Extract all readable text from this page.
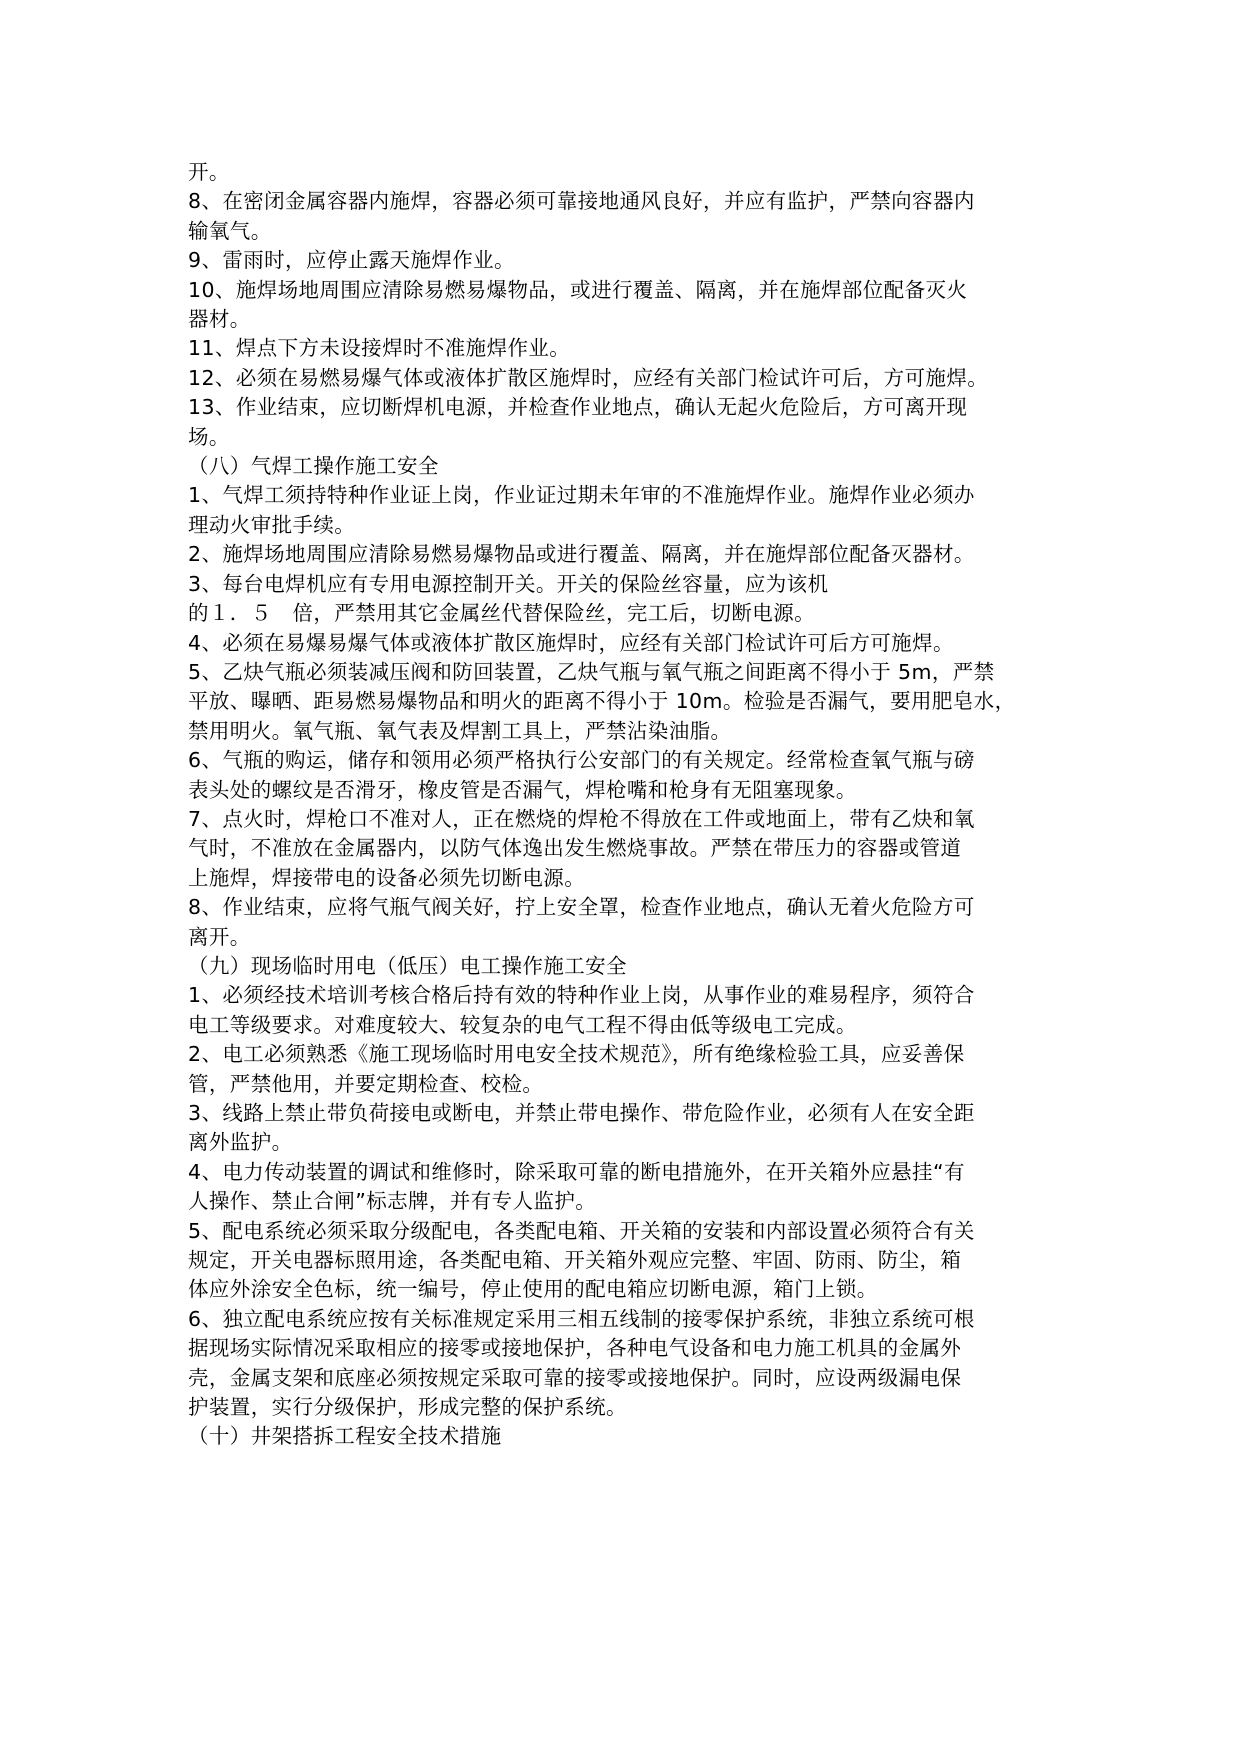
开。
8、在密闭金属容器内施焊，容器必须可靠接地通风良好，并应有监护，严禁向容器内
输氧气。
9、雷雨时，应停止露天施焊作业。
10、施焊场地周围应清除易燃易爆物品，或进行覆盖、隔离，并在施焊部位配备灭火
器材。
11、焊点下方未设接焊时不准施焊作业。
12、必须在易燃易爆气体或液体扩散区施焊时，应经有关部门检试许可后，方可施焊。
13、作业结束，应切断焊机电源，并检查作业地点，确认无起火危险后，方可离开现
场。
（八）气焊工操作施工安全
1、气焊工须持特种作业证上岗，作业证过期未年审的不准施焊作业。施焊作业必须办
理动火审批手续。
2、施焊场地周围应清除易燃易爆物品或进行覆盖、隔离，并在施焊部位配备灭器材。
3、每台电焊机应有专用电源控制开关。开关的保险丝容量，应为该机
的１．５　倍，严禁用其它金属丝代替保险丝，完工后，切断电源。
4、必须在易爆易爆气体或液体扩散区施焊时，应经有关部门检试许可后方可施焊。
5、乙炔气瓶必须装减压阀和防回装置，乙炔气瓶与氧气瓶之间距离不得小于 5m，严禁
平放、曝晒、距易燃易爆物品和明火的距离不得小于 10m。检验是否漏气，要用肥皂水，
禁用明火。氧气瓶、氧气表及焊割工具上，严禁沾染油脂。
6、气瓶的购运，储存和领用必须严格执行公安部门的有关规定。经常检查氧气瓶与磅
表头处的螺纹是否滑牙，橡皮管是否漏气，焊枪嘴和枪身有无阻塞现象。
7、点火时，焊枪口不准对人，正在燃烧的焊枪不得放在工件或地面上，带有乙炔和氧
气时，不准放在金属器内，以防气体逸出发生燃烧事故。严禁在带压力的容器或管道
上施焊，焊接带电的设备必须先切断电源。
8、作业结束，应将气瓶气阀关好，拧上安全罩，检查作业地点，确认无着火危险方可
离开。
（九）现场临时用电（低压）电工操作施工安全
1、必须经技术培训考核合格后持有效的特种作业上岗，从事作业的难易程序，须符合
电工等级要求。对难度较大、较复杂的电气工程不得由低等级电工完成。
2、电工必须熟悉《施工现场临时用电安全技术规范》，所有绝缘检验工具，应妥善保
管，严禁他用，并要定期检查、校检。
3、线路上禁止带负荷接电或断电，并禁止带电操作、带危险作业，必须有人在安全距
离外监护。
4、电力传动装置的调试和维修时，除采取可靠的断电措施外，在开关箱外应悬挂“有
人操作、禁止合闸”标志牌，并有专人监护。
5、配电系统必须采取分级配电，各类配电箱、开关箱的安装和内部设置必须符合有关
规定，开关电器标照用途，各类配电箱、开关箱外观应完整、牢固、防雨、防尘，箱
体应外涂安全色标，统一编号，停止使用的配电箱应切断电源，箱门上锁。
6、独立配电系统应按有关标准规定采用三相五线制的接零保护系统，非独立系统可根
据现场实际情况采取相应的接零或接地保护，各种电气设备和电力施工机具的金属外
壳，金属支架和底座必须按规定采取可靠的接零或接地保护。同时，应设两级漏电保
护装置，实行分级保护，形成完整的保护系统。
（十）井架搭拆工程安全技术措施
